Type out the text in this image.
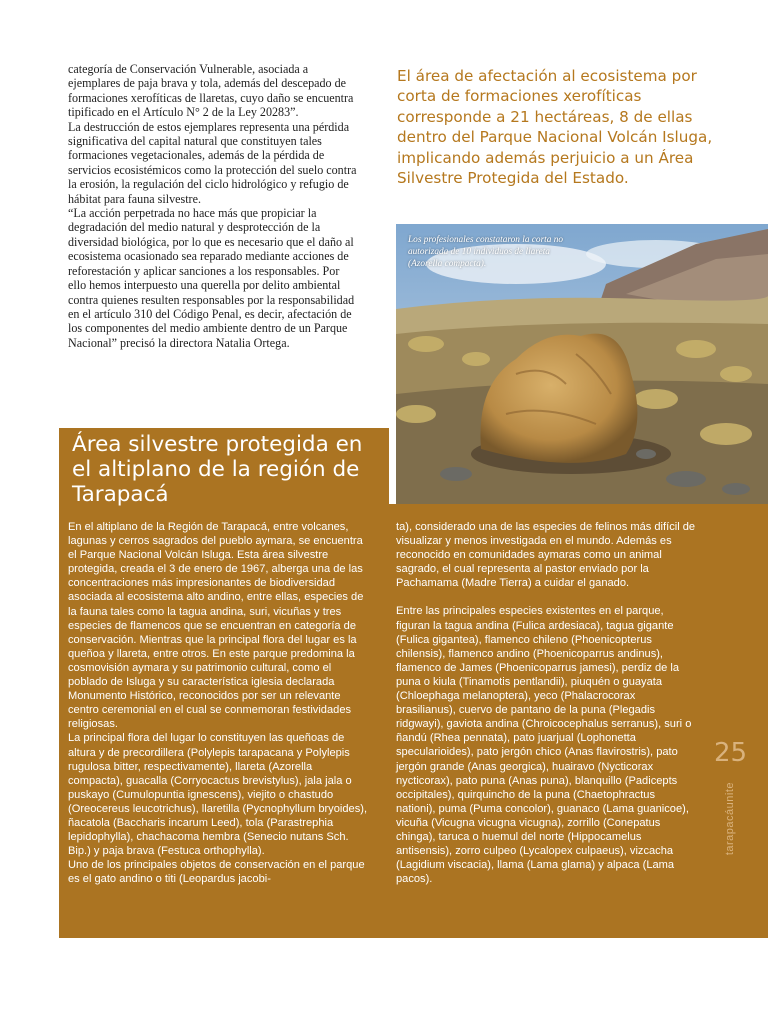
categoría de Conservación Vulnerable, asociada a ejemplares de paja brava y tola, además del descepado de formaciones xerofíticas de llaretas, cuyo daño se encuentra tipificado en el Artículo N° 2 de la Ley 20283”.

La destrucción de estos ejemplares representa una pérdida significativa del capital natural que constituyen tales formaciones vegetacionales, además de la pérdida de servicios ecosistémicos como la protección del suelo contra la erosión, la regulación del ciclo hidrológico y refugio de hábitat para fauna silvestre.

“La acción perpetrada no hace más que propiciar la degradación del medio natural y desprotección de la diversidad biológica, por lo que es necesario que el daño al ecosistema ocasionado sea reparado mediante acciones de reforestación y aplicar sanciones a los responsables. Por ello hemos interpuesto una querella por delito ambiental contra quienes resulten responsables por la responsabilidad en el artículo 310 del Código Penal, es decir, afectación de los componentes del medio ambiente dentro de un Parque Nacional” precisó la directora Natalia Ortega.

El área de afectación al ecosistema por corta de formaciones xerofíticas corresponde a 21 hectáreas, 8 de ellas dentro del Parque Nacional Volcán Isluga, implicando además perjuicio a un Área Silvestre Protegida del Estado.

Los profesionales constataron la corta no autorizada de 10 individuos de llareta (Azorella compacta).
Área silvestre protegida en el altiplano de la región de Tarapacá

En el altiplano de la Región de Tarapacá, entre volcanes, lagunas y cerros sagrados del pueblo aymara, se encuentra el Parque Nacional Volcán Isluga. Esta área silvestre protegida, creada el 3 de enero de 1967, alberga una de las concentraciones más impresionantes de biodiversidad asociada al ecosistema alto andino, entre ellas, especies de la fauna tales como la tagua andina, suri, vicuñas y tres especies de flamencos que se encuentran en categoría de conservación. Mientras que la principal flora del lugar es la queñoa y llareta, entre otros. En este parque predomina la cosmovisión aymara y su patrimonio cultural, como el poblado de Isluga y su característica iglesia declarada Monumento Histórico, reconocidos por ser un relevante centro ceremonial en el cual se conmemoran festividades religiosas.

La principal flora del lugar lo constituyen las queñoas de altura y de precordillera (Polylepis tarapacana y Polylepis rugulosa bitter, respectivamente), llareta (Azorella compacta), guacalla (Corryocactus brevistylus), jala jala o puskayo (Cumulopuntia ignescens), viejito o chastudo (Oreocereus leucotrichus), llaretilla (Pycnophyllum bryoides), ñacatola (Baccharis incarum Leed), tola (Parastrephia lepidophylla), chachacoma hembra (Senecio nutans Sch. Bip.) y paja brava (Festuca orthophylla).

Uno de los principales objetos de conservación en el parque es el gato andino o titi (Leopardus jacobi-

ta), considerado una de las especies de felinos más difícil de visualizar y menos investigada en el mundo. Además es reconocido en comunidades aymaras como un animal sagrado, el cual representa al pastor enviado por la Pachamama (Madre Tierra) a cuidar el ganado.

Entre las principales especies existentes en el parque, figuran la tagua andina (Fulica ardesiaca), tagua gigante (Fulica gigantea), flamenco chileno (Phoenicopterus chilensis), flamenco andino (Phoenicoparrus andinus), flamenco de James (Phoenicoparrus jamesi), perdiz de la puna o kiula (Tinamotis pentlandii), piuquén o guayata (Chloephaga melanoptera), yeco (Phalacrocorax brasilianus), cuervo de pantano de la puna (Plegadis ridgwayi), gaviota andina (Chroicocephalus serranus), suri o ñandú (Rhea pennata), pato juarjual (Lophonetta specularioides), pato jergón chico (Anas flavirostris), pato jergón grande (Anas georgica), huairavo (Nycticorax nycticorax), pato puna (Anas puna), blanquillo (Padicepts occipitales), quirquincho de la puna (Chaetophractus nationi), puma (Puma concolor), guanaco (Lama guanicoe), vicuña (Vicugna vicugna vicugna), zorrillo (Conepatus chinga), taruca o huemul del norte (Hippocamelus antisensis), zorro culpeo (Lycalopex culpaeus), vizcacha (Lagidium viscacia), llama (Lama glama) y alpaca (Lama pacos).

25
tarapacáunite
